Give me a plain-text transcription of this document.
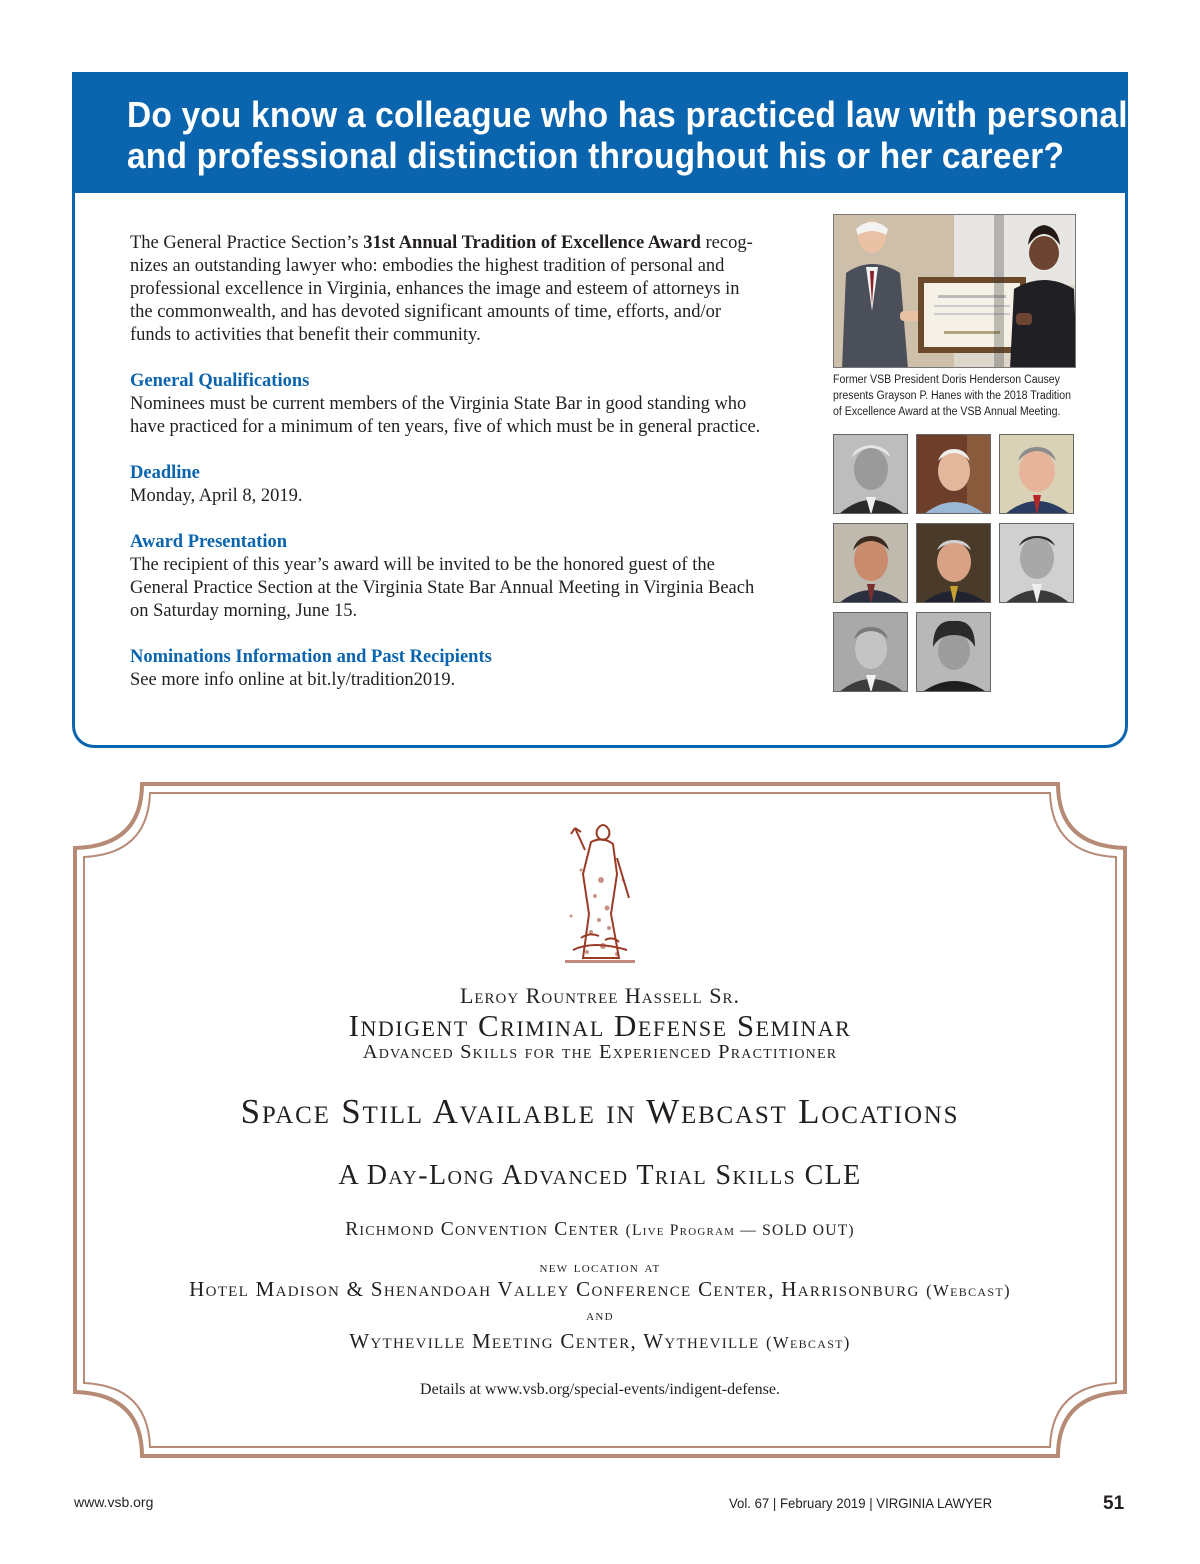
Do you know a colleague who has practiced law with personal
and professional distinction throughout his or her career?

The General Practice Section’s 31st Annual Tradition of Excellence Award recog-

nizes an outstanding lawyer who: embodies the highest tradition of personal and

professional excellence in Virginia, enhances the image and esteem of attorneys in

the commonwealth, and has devoted significant amounts of time, efforts, and/or

funds to activities that benefit their community.

General Qualifications

Nominees must be current members of the Virginia State Bar in good standing who

have practiced for a minimum of ten years, five of which must be in general practice.

Deadline

Monday, April 8, 2019.

Award Presentation

The recipient of this year’s award will be invited to be the honored guest of the

General Practice Section at the Virginia State Bar Annual Meeting in Virginia Beach

on Saturday morning, June 15.

Nominations Information and Past Recipients

See more info online at bit.ly/tradition2019.

Former VSB President Doris Henderson Causey
presents Grayson P. Hanes with the 2018 Tradition
of Excellence Award at the VSB Annual Meeting.
Leroy Rountree Hassell Sr.
Indigent Criminal Defense Seminar
Advanced Skills for the Experienced Practitioner
Space Still Available in Webcast Locations
A Day-Long Advanced Trial Skills CLE
Richmond Convention Center (Live Program — SOLD OUT)
new location at
Hotel Madison & Shenandoah Valley Conference Center, Harrisonburg (Webcast)
and
Wytheville Meeting Center, Wytheville (Webcast)
Details at www.vsb.org/special-events/indigent-defense.
www.vsb.org	Vol. 67 | February 2019 | VIRGINIA LAWYER	51
